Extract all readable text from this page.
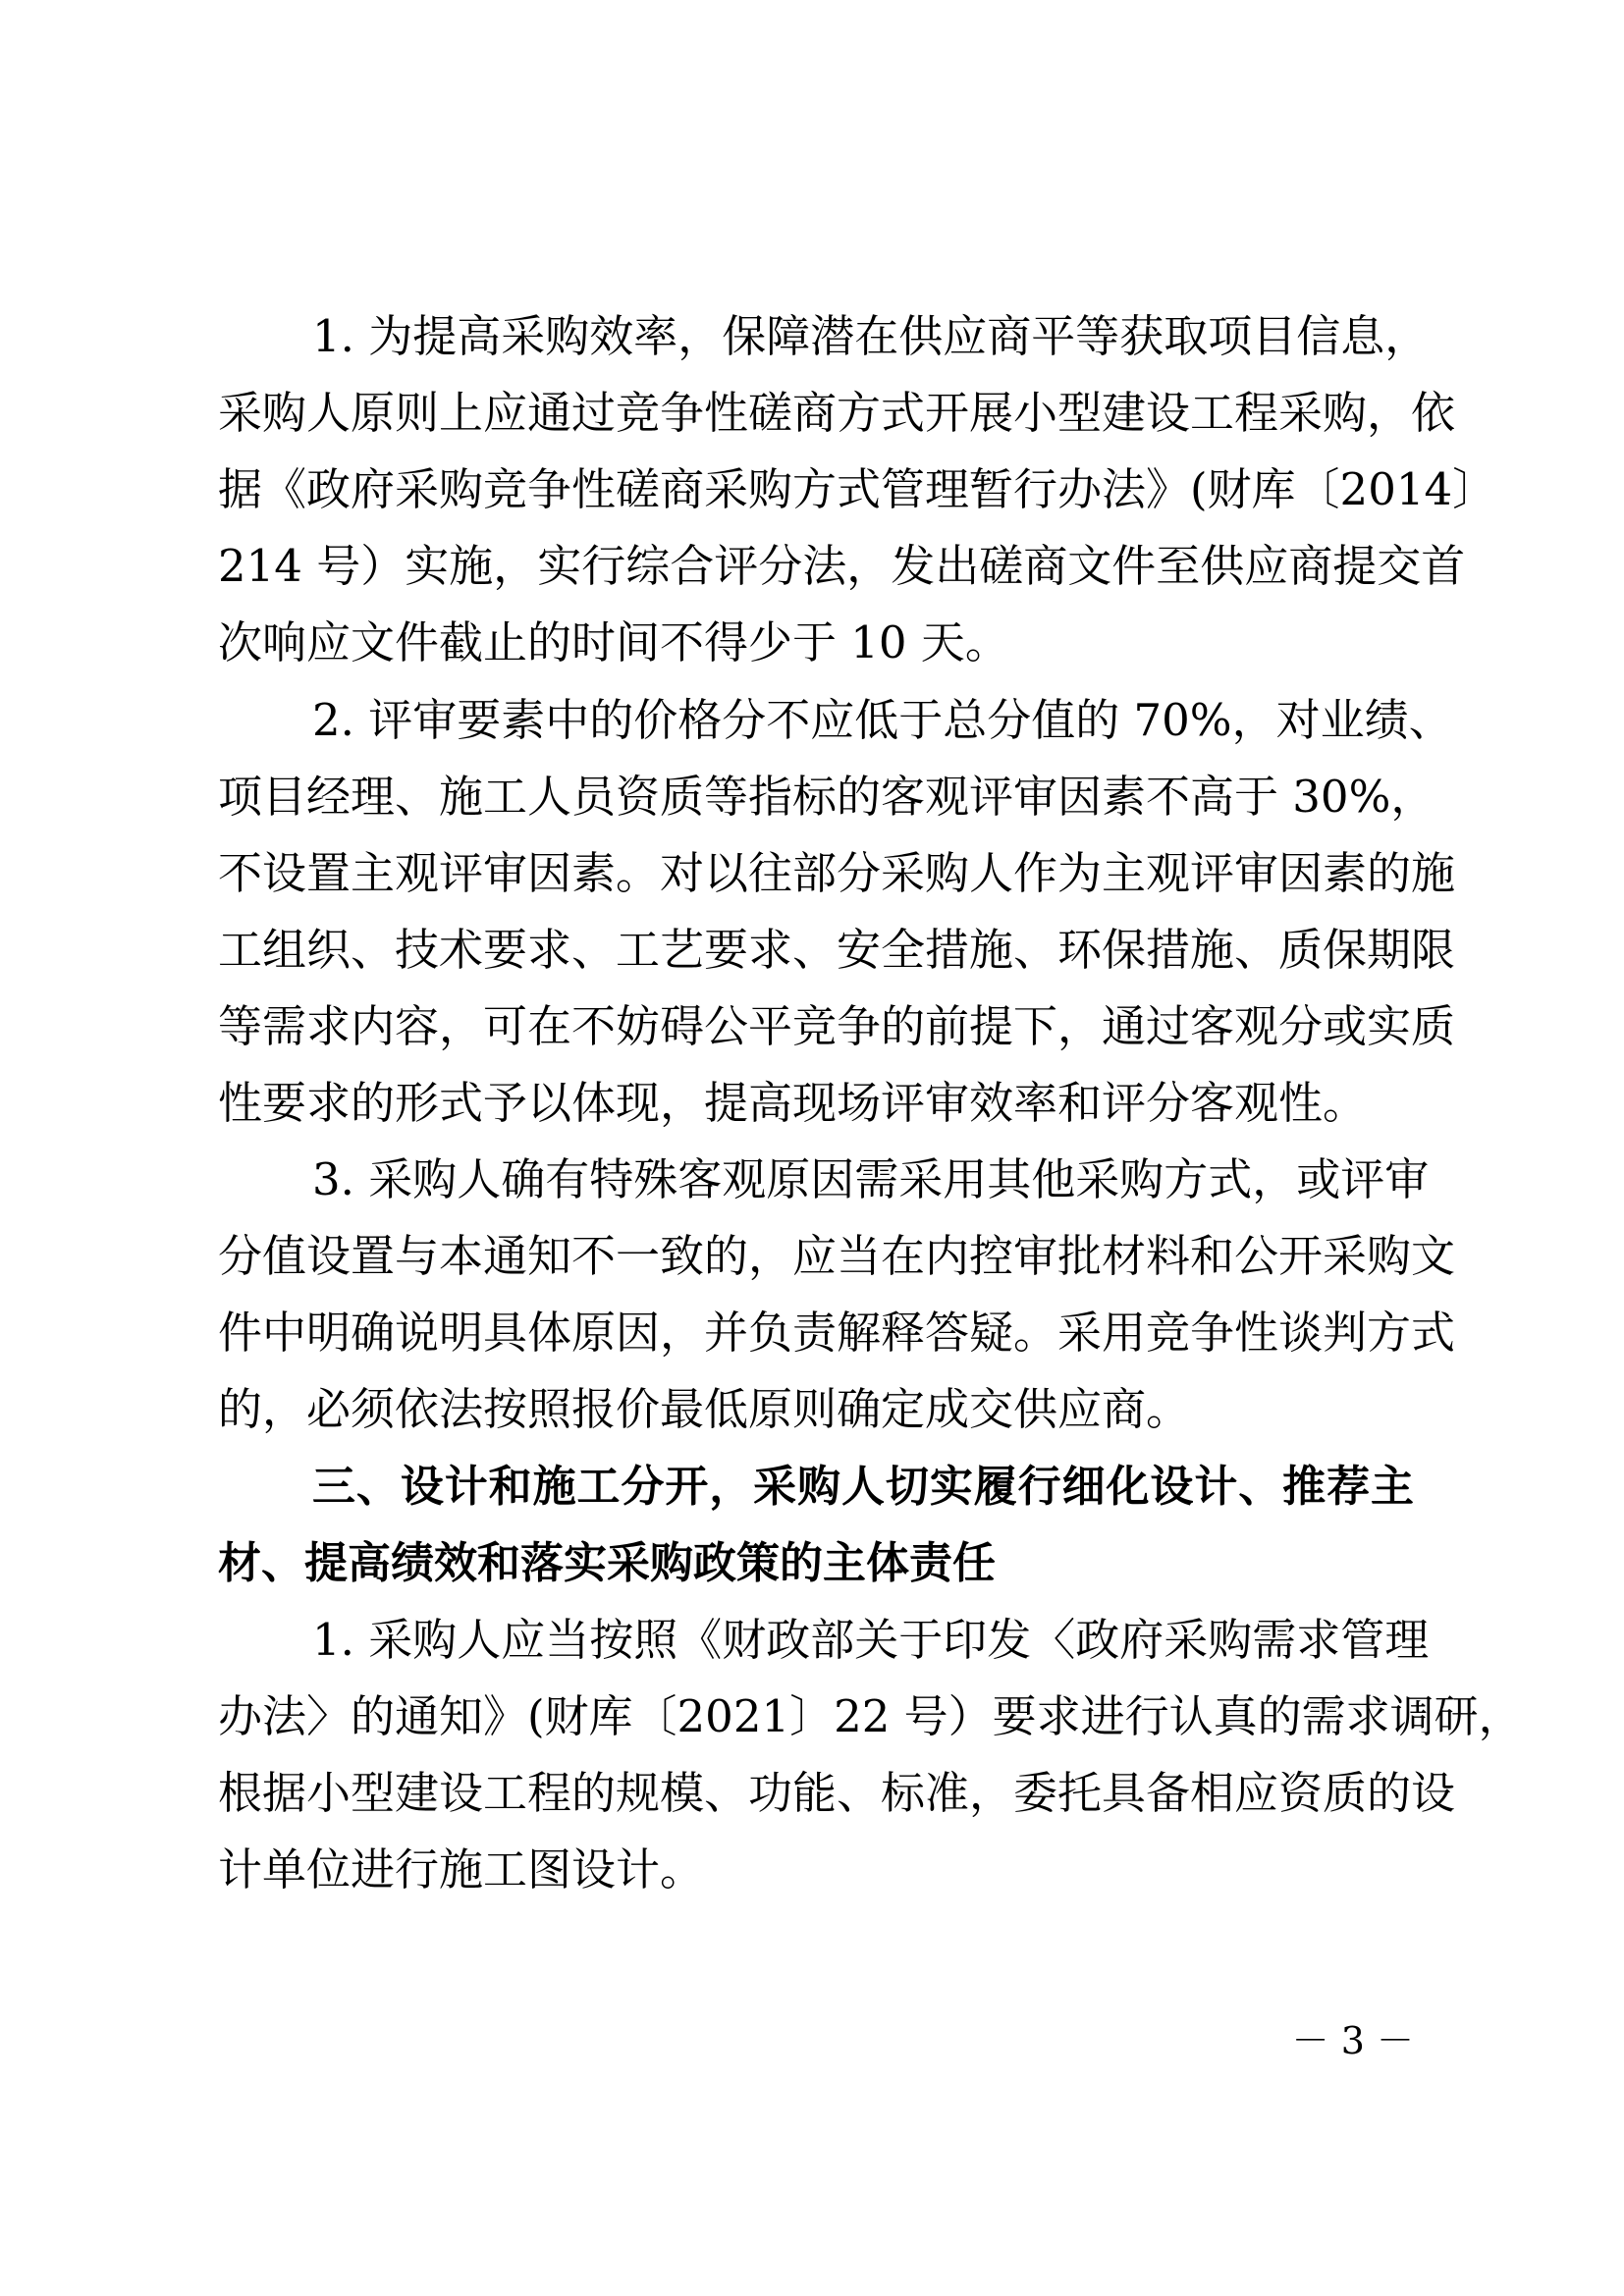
1. 为提高采购效率，保障潜在供应商平等获取项目信息，
采购人原则上应通过竞争性磋商方式开展小型建设工程采购，依
据《政府采购竞争性磋商采购方式管理暂行办法》(财库〔2014〕
214 号）实施，实行综合评分法，发出磋商文件至供应商提交首
次响应文件截止的时间不得少于 10 天。
2. 评审要素中的价格分不应低于总分值的 70%，对业绩、
项目经理、施工人员资质等指标的客观评审因素不高于 30%，
不设置主观评审因素。对以往部分采购人作为主观评审因素的施
工组织、技术要求、工艺要求、安全措施、环保措施、质保期限
等需求内容，可在不妨碍公平竞争的前提下，通过客观分或实质
性要求的形式予以体现，提高现场评审效率和评分客观性。
3. 采购人确有特殊客观原因需采用其他采购方式，或评审
分值设置与本通知不一致的，应当在内控审批材料和公开采购文
件中明确说明具体原因，并负责解释答疑。采用竞争性谈判方式
的，必须依法按照报价最低原则确定成交供应商。
三、设计和施工分开，采购人切实履行细化设计、推荐主
材、提高绩效和落实采购政策的主体责任
1. 采购人应当按照《财政部关于印发〈政府采购需求管理
办法〉的通知》(财库〔2021〕22 号）要求进行认真的需求调研，
根据小型建设工程的规模、功能、标准，委托具备相应资质的设
计单位进行施工图设计。
－ 3 －
